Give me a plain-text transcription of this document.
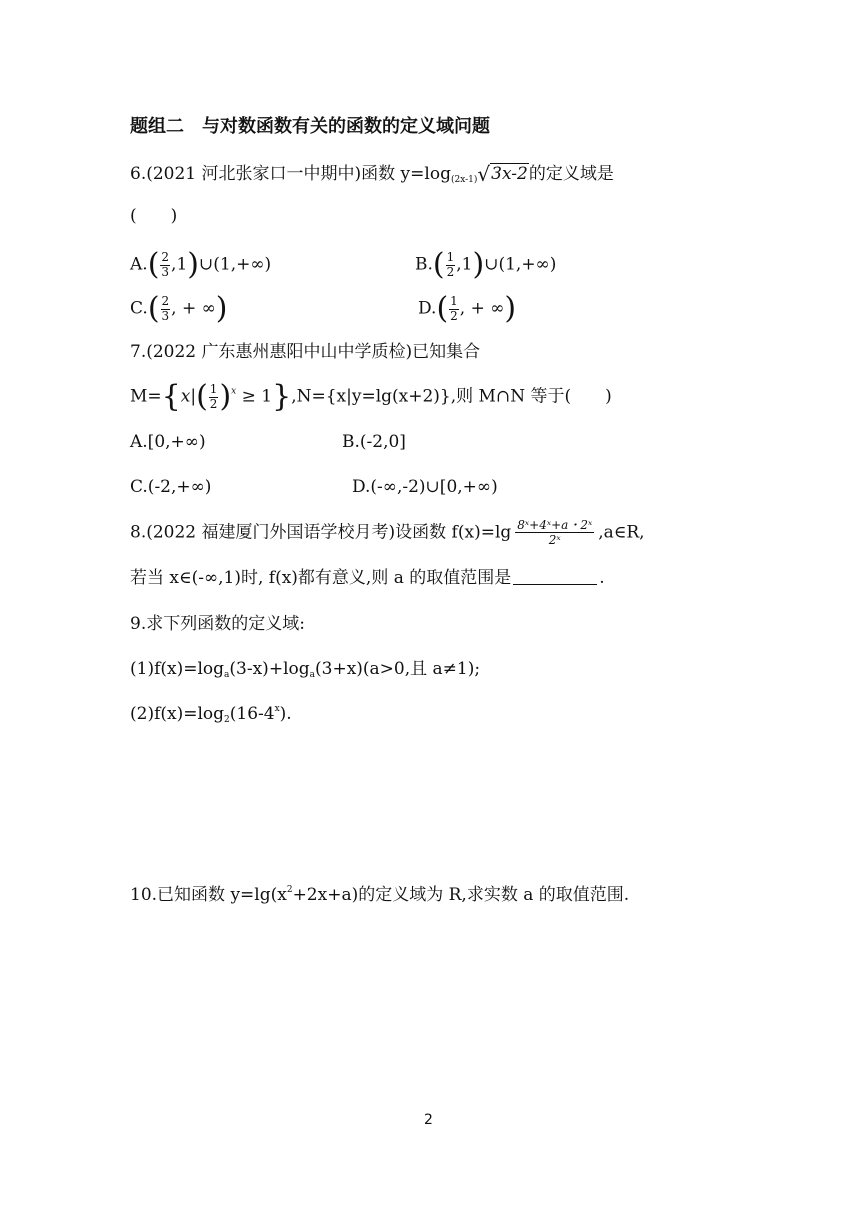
题组二　与对数函数有关的函数的定义域问题
6.(2021 河北张家口一中期中)函数 $y=\log_{(2x-1)}√3x-2$的定义域是
(　　)
$A.( \frac{2}{3}$ ,1)∪(1,+∞)	$B.( \frac{1}{2}$ ,1)∪(1,+∞)
$C.( \frac{2}{3}$ , + ∞)	$D.( \frac{1}{2}$ , + ∞)
7.(2022 广东惠州惠阳中山中学质检)已知集合
$M=\{x|( \frac{1}{2} )^x \ge 1\},N=\{x|y=\lg(x+2)\}$,则 M∩N 等于(　　)
A.[0,+∞)	B.(-2,0]
C.(-2,+∞)	D.(-∞,-2)∪[0,+∞)
8.(2022 福建厦门外国语学校月考)设函数 $f(x)=\lg \frac{\text{8ˣ+4ˣ+a・2ˣ}}{\text{2ˣ}}$ ,a∈R,
若当 x∈(-∞,1)时, f(x)都有意义,则 a 的取值范围是	.
9.求下列函数的定义域:
$(1)f(x)=\log_a(3-x)+\log_a(3+x)(a>0$,且 a≠1);
$(2)f(x)=\log_2(16-4^x)$.
10.已知函数 $y=\lg(x^2+2x+a)$的定义域为 R,求实数 a 的取值范围.
2
